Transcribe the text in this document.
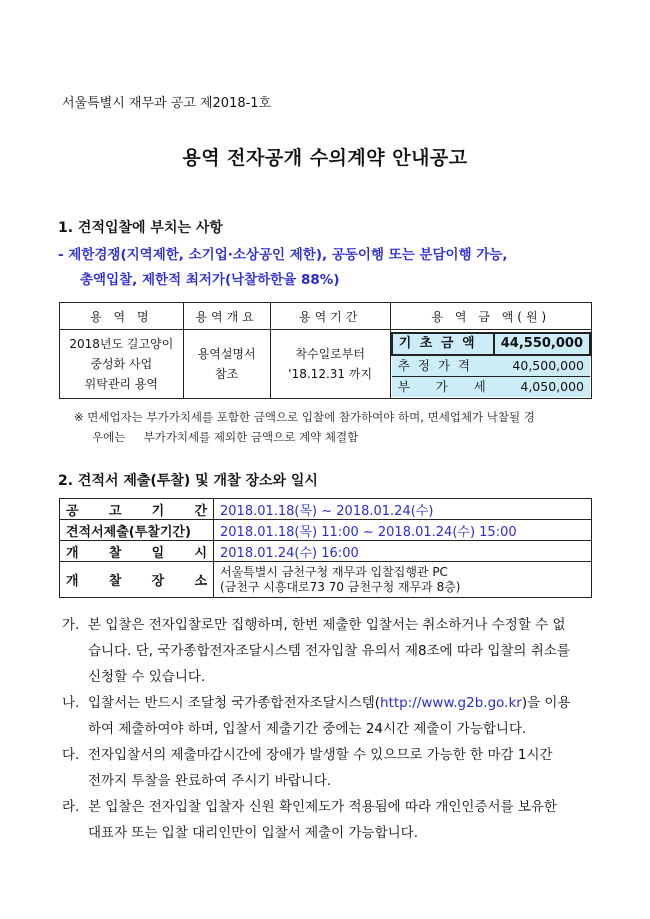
서울특별시 재무과 공고 제2018-1호
용역 전자공개 수의계약 안내공고
1. 견적입찰에 부치는 사항
- 제한경쟁(지역제한, 소기업·소상공인 제한), 공동이행 또는 분담이행 가능,
총액입찰, 제한적 최저가(낙찰하한율 88%)
용 역 명	용역개요	용역기간	용 역 금 액(원)

2018년도 길고양이
중성화 사업
위탁관리 용역

용역설명서
참조

착수일로부터
'18.12.31 까지

기 초 금 액	44,550,000
추 정 가 격	40,500,000
부    가    세	4,050,000
※ 면세업자는 부가가치세를 포함한 금액으로 입찰에 참가하여야 하며, 면세업체가 낙찰될 경
우에는     부가가치세를 제외한 금액으로 계약 체결함
2. 견적서 제출(투찰) 및 개찰 장소와 일시
공 고 기 간	2018.01.18(목) ~ 2018.01.24(수)
견적서제출(투찰기간)	2018.01.18(목) 11:00 ~ 2018.01.24(수) 15:00
개 찰 일 시	2018.01.24(수) 16:00
개 찰 장 소	서울특별시 금천구청 재무과 입찰집행관 PC
(금천구 시흥대로73 70 금천구청 재무과 8층)
가. 본 입찰은 전자입찰로만 집행하며, 한번 제출한 입찰서는 취소하거나 수정할 수 없
습니다. 단, 국가종합전자조달시스템 전자입찰 유의서 제8조에 따라 입찰의 취소를
신청할 수 있습니다.
나. 입찰서는 반드시 조달청 국가종합전자조달시스템(http://www.g2b.go.kr)을 이용
하여 제출하여야 하며, 입찰서 제출기간 중에는 24시간 제출이 가능합니다.
다. 전자입찰서의 제출마감시간에 장애가 발생할 수 있으므로 가능한 한 마감 1시간
전까지 투찰을 완료하여 주시기 바랍니다.
라. 본 입찰은 전자입찰 입찰자 신원 확인제도가 적용됨에 따라 개인인증서를 보유한
대표자 또는 입찰 대리인만이 입찰서 제출이 가능합니다.
